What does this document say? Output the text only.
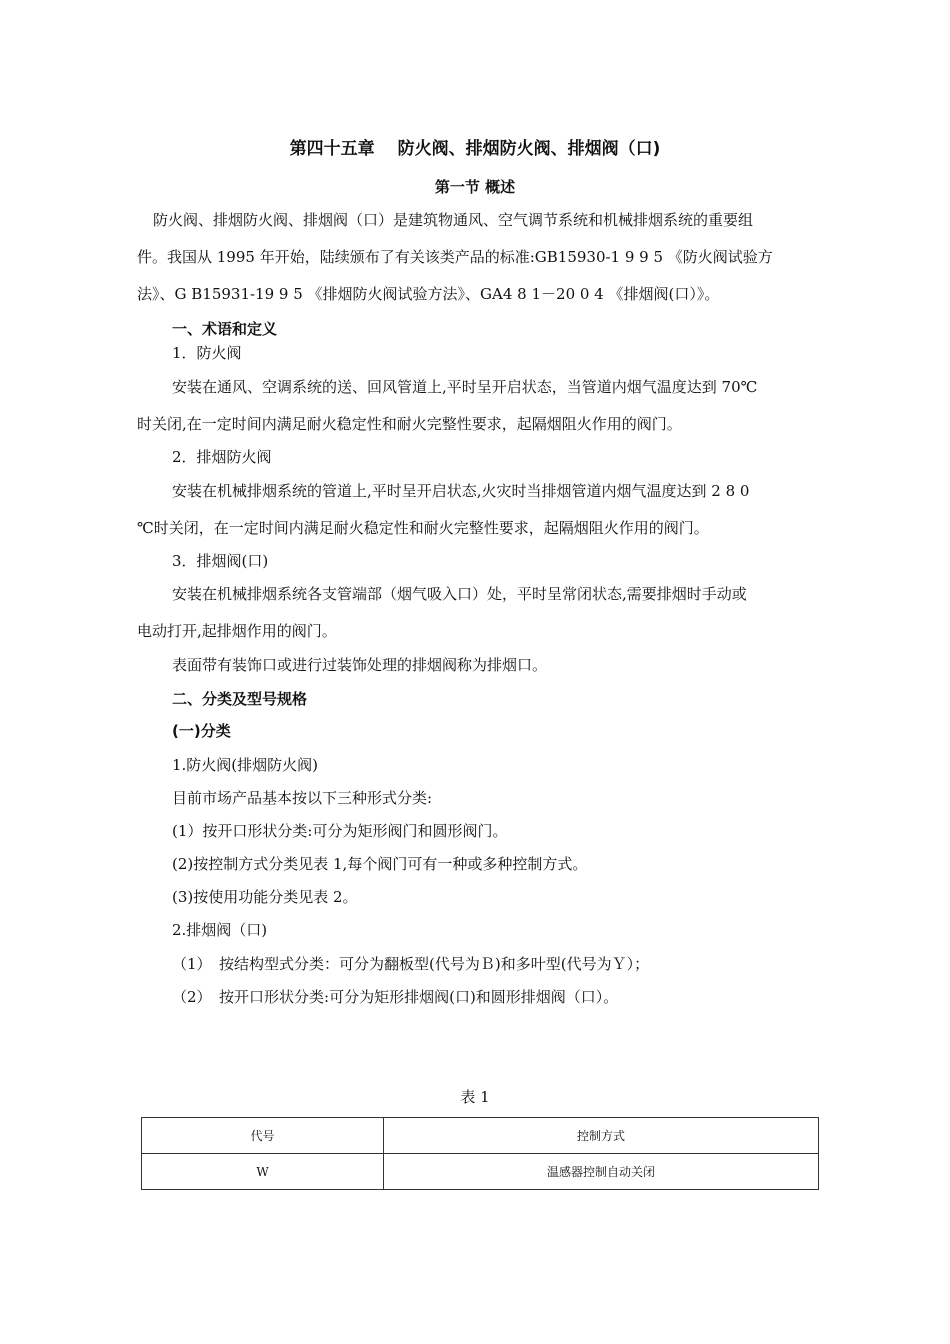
第四十五章　 防火阀、排烟防火阀、排烟阀（口)
第一节 概述
防火阀、排烟防火阀、排烟阀（口）是建筑物通风、空气调节系统和机械排烟系统的重要组
件。我国从 1995 年开始，陆续颁布了有关该类产品的标准:GB15930-1 9 9 5 《防火阀试验方
法》、G B15931-19 9 5 《排烟防火阀试验方法》、GA4 8 1－20 0 4 《排烟阀(口）》。
一、术语和定义
1．防火阀
安装在通风、空调系统的送、回风管道上,平时呈开启状态，当管道内烟气温度达到 70℃
时关闭,在一定时间内满足耐火稳定性和耐火完整性要求，起隔烟阻火作用的阀门。
2．排烟防火阀
安装在机械排烟系统的管道上,平时呈开启状态,火灾时当排烟管道内烟气温度达到 2 8 0
℃时关闭，在一定时间内满足耐火稳定性和耐火完整性要求，起隔烟阻火作用的阀门。
3．排烟阀(口)
安装在机械排烟系统各支管端部（烟气吸入口）处，平时呈常闭状态,需要排烟时手动或
电动打开,起排烟作用的阀门。
表面带有装饰口或进行过装饰处理的排烟阀称为排烟口。
二、分类及型号规格
(一)分类
1.防火阀(排烟防火阀)
目前市场产品基本按以下三种形式分类:
(1）按开口形状分类:可分为矩形阀门和圆形阀门。
(2)按控制方式分类见表 1,每个阀门可有一种或多种控制方式。
(3)按使用功能分类见表 2。
2.排烟阀（口)
（1）　按结构型式分类：可分为翻板型(代号为Ｂ)和多叶型(代号为Ｙ）；
（2）　按开口形状分类:可分为矩形排烟阀(口)和圆形排烟阀（口）。
表 1
代号	控制方式
W	温感器控制自动关闭
